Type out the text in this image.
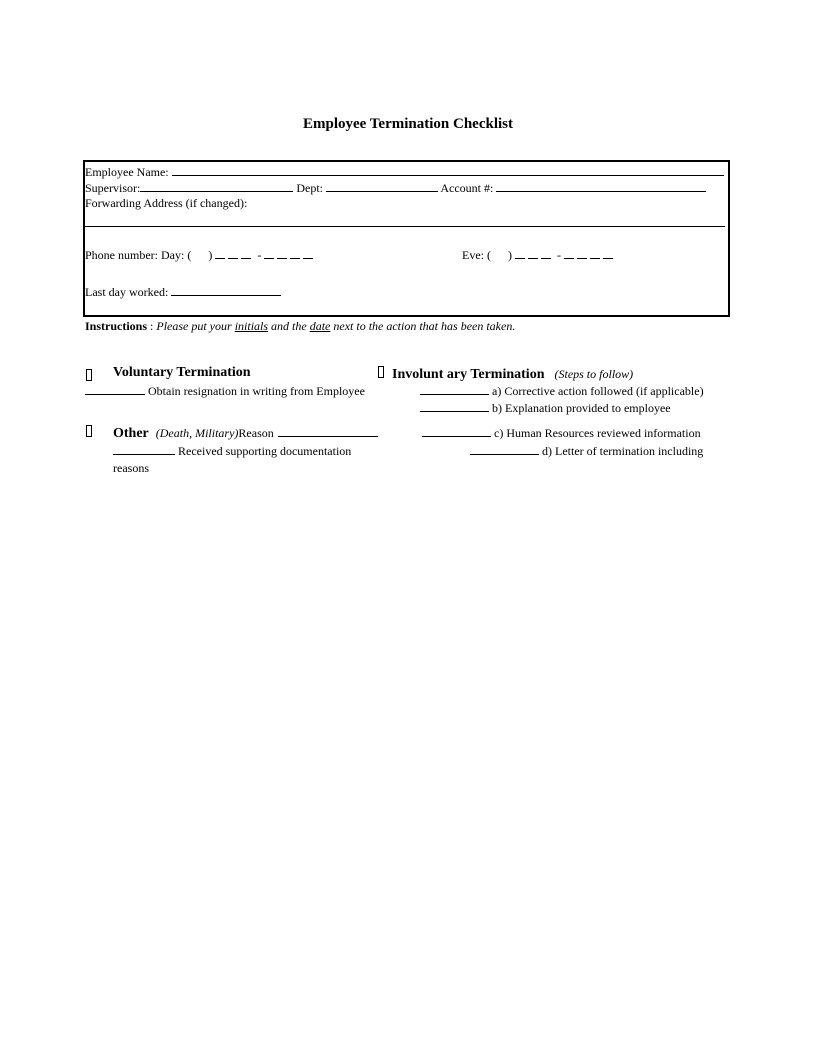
Employee Termination Checklist
Employee Name:
Supervisor:	Dept:	Account #:
Forwarding Address (if changed):
Phone number: Day: ( )	-	Eve: ( )	-
Last day worked:
Instructions : Please put your initials and the date next to the action that has been taken.
Voluntary Termination
Obtain resignation in writing from Employee
Involunt ary Termination (Steps to follow)
a) Corrective action followed (if applicable)
b) Explanation provided to employee
c) Human Resources reviewed information
d) Letter of termination including
Other (Death, Military)Reason
Received supporting documentation
reasons
